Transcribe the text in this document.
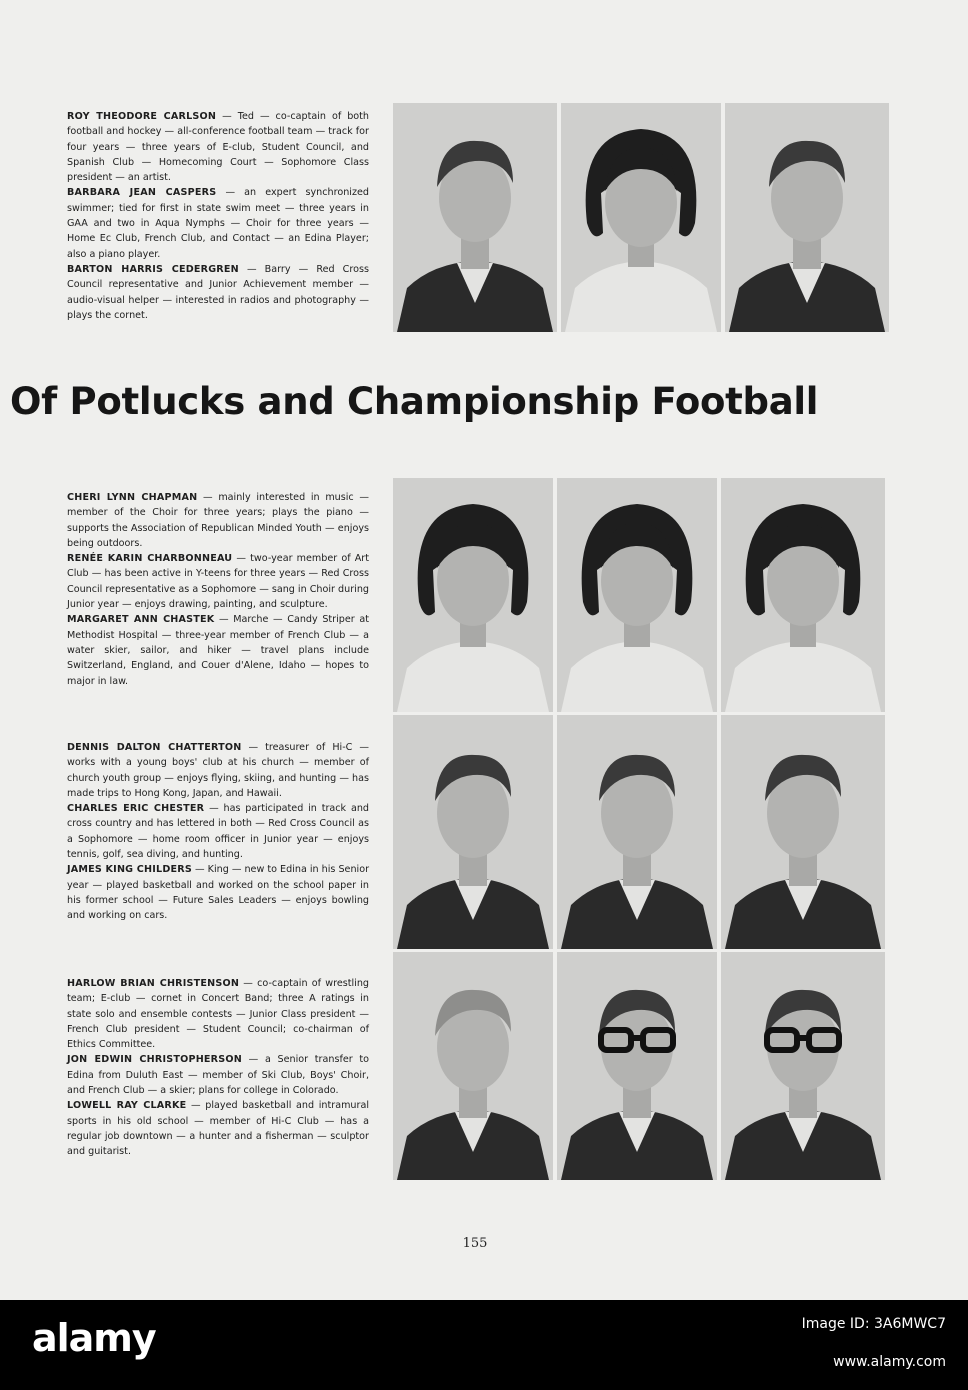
ROY THEODORE CARLSON — Ted — co-captain of both football and hockey — all-conference football team — track for four years — three years of E-club, Student Council, and Spanish Club — Homecoming Court — Sophomore Class president — an artist.

BARBARA JEAN CASPERS — an expert synchronized swimmer; tied for first in state swim meet — three years in GAA and two in Aqua Nymphs — Choir for three years — Home Ec Club, French Club, and Contact — an Edina Player; also a piano player.

BARTON HARRIS CEDERGREN — Barry — Red Cross Council representative and Junior Achievement member — audio-visual helper — interested in radios and photography — plays the cornet.

Of Potlucks and Championship Football

CHERI LYNN CHAPMAN — mainly interested in music — member of the Choir for three years; plays the piano — supports the Association of Republican Minded Youth — enjoys being outdoors.

RENÉE KARIN CHARBONNEAU — two-year member of Art Club — has been active in Y-teens for three years — Red Cross Council representative as a Sophomore — sang in Choir during Junior year — enjoys drawing, painting, and sculpture.

MARGARET ANN CHASTEK — Marche — Candy Striper at Methodist Hospital — three-year member of French Club — a water skier, sailor, and hiker — travel plans include Switzerland, England, and Couer d'Alene, Idaho — hopes to major in law.

DENNIS DALTON CHATTERTON — treasurer of Hi-C — works with a young boys' club at his church — member of church youth group — enjoys flying, skiing, and hunting — has made trips to Hong Kong, Japan, and Hawaii.

CHARLES ERIC CHESTER — has participated in track and cross country and has lettered in both — Red Cross Council as a Sophomore — home room officer in Junior year — enjoys tennis, golf, sea diving, and hunting.

JAMES KING CHILDERS — King — new to Edina in his Senior year — played basketball and worked on the school paper in his former school — Future Sales Leaders — enjoys bowling and working on cars.

HARLOW BRIAN CHRISTENSON — co-captain of wrestling team; E-club — cornet in Concert Band; three A ratings in state solo and ensemble contests — Junior Class president — French Club president — Student Council; co-chairman of Ethics Committee.

JON EDWIN CHRISTOPHERSON — a Senior transfer to Edina from Duluth East — member of Ski Club, Boys' Choir, and French Club — a skier; plans for college in Colorado.

LOWELL RAY CLARKE — played basketball and intramural sports in his old school — member of Hi-C Club — has a regular job downtown — a hunter and a fisherman — sculptor and guitarist.

155
alamy	Image ID: 3A6MWC7
www.alamy.com
